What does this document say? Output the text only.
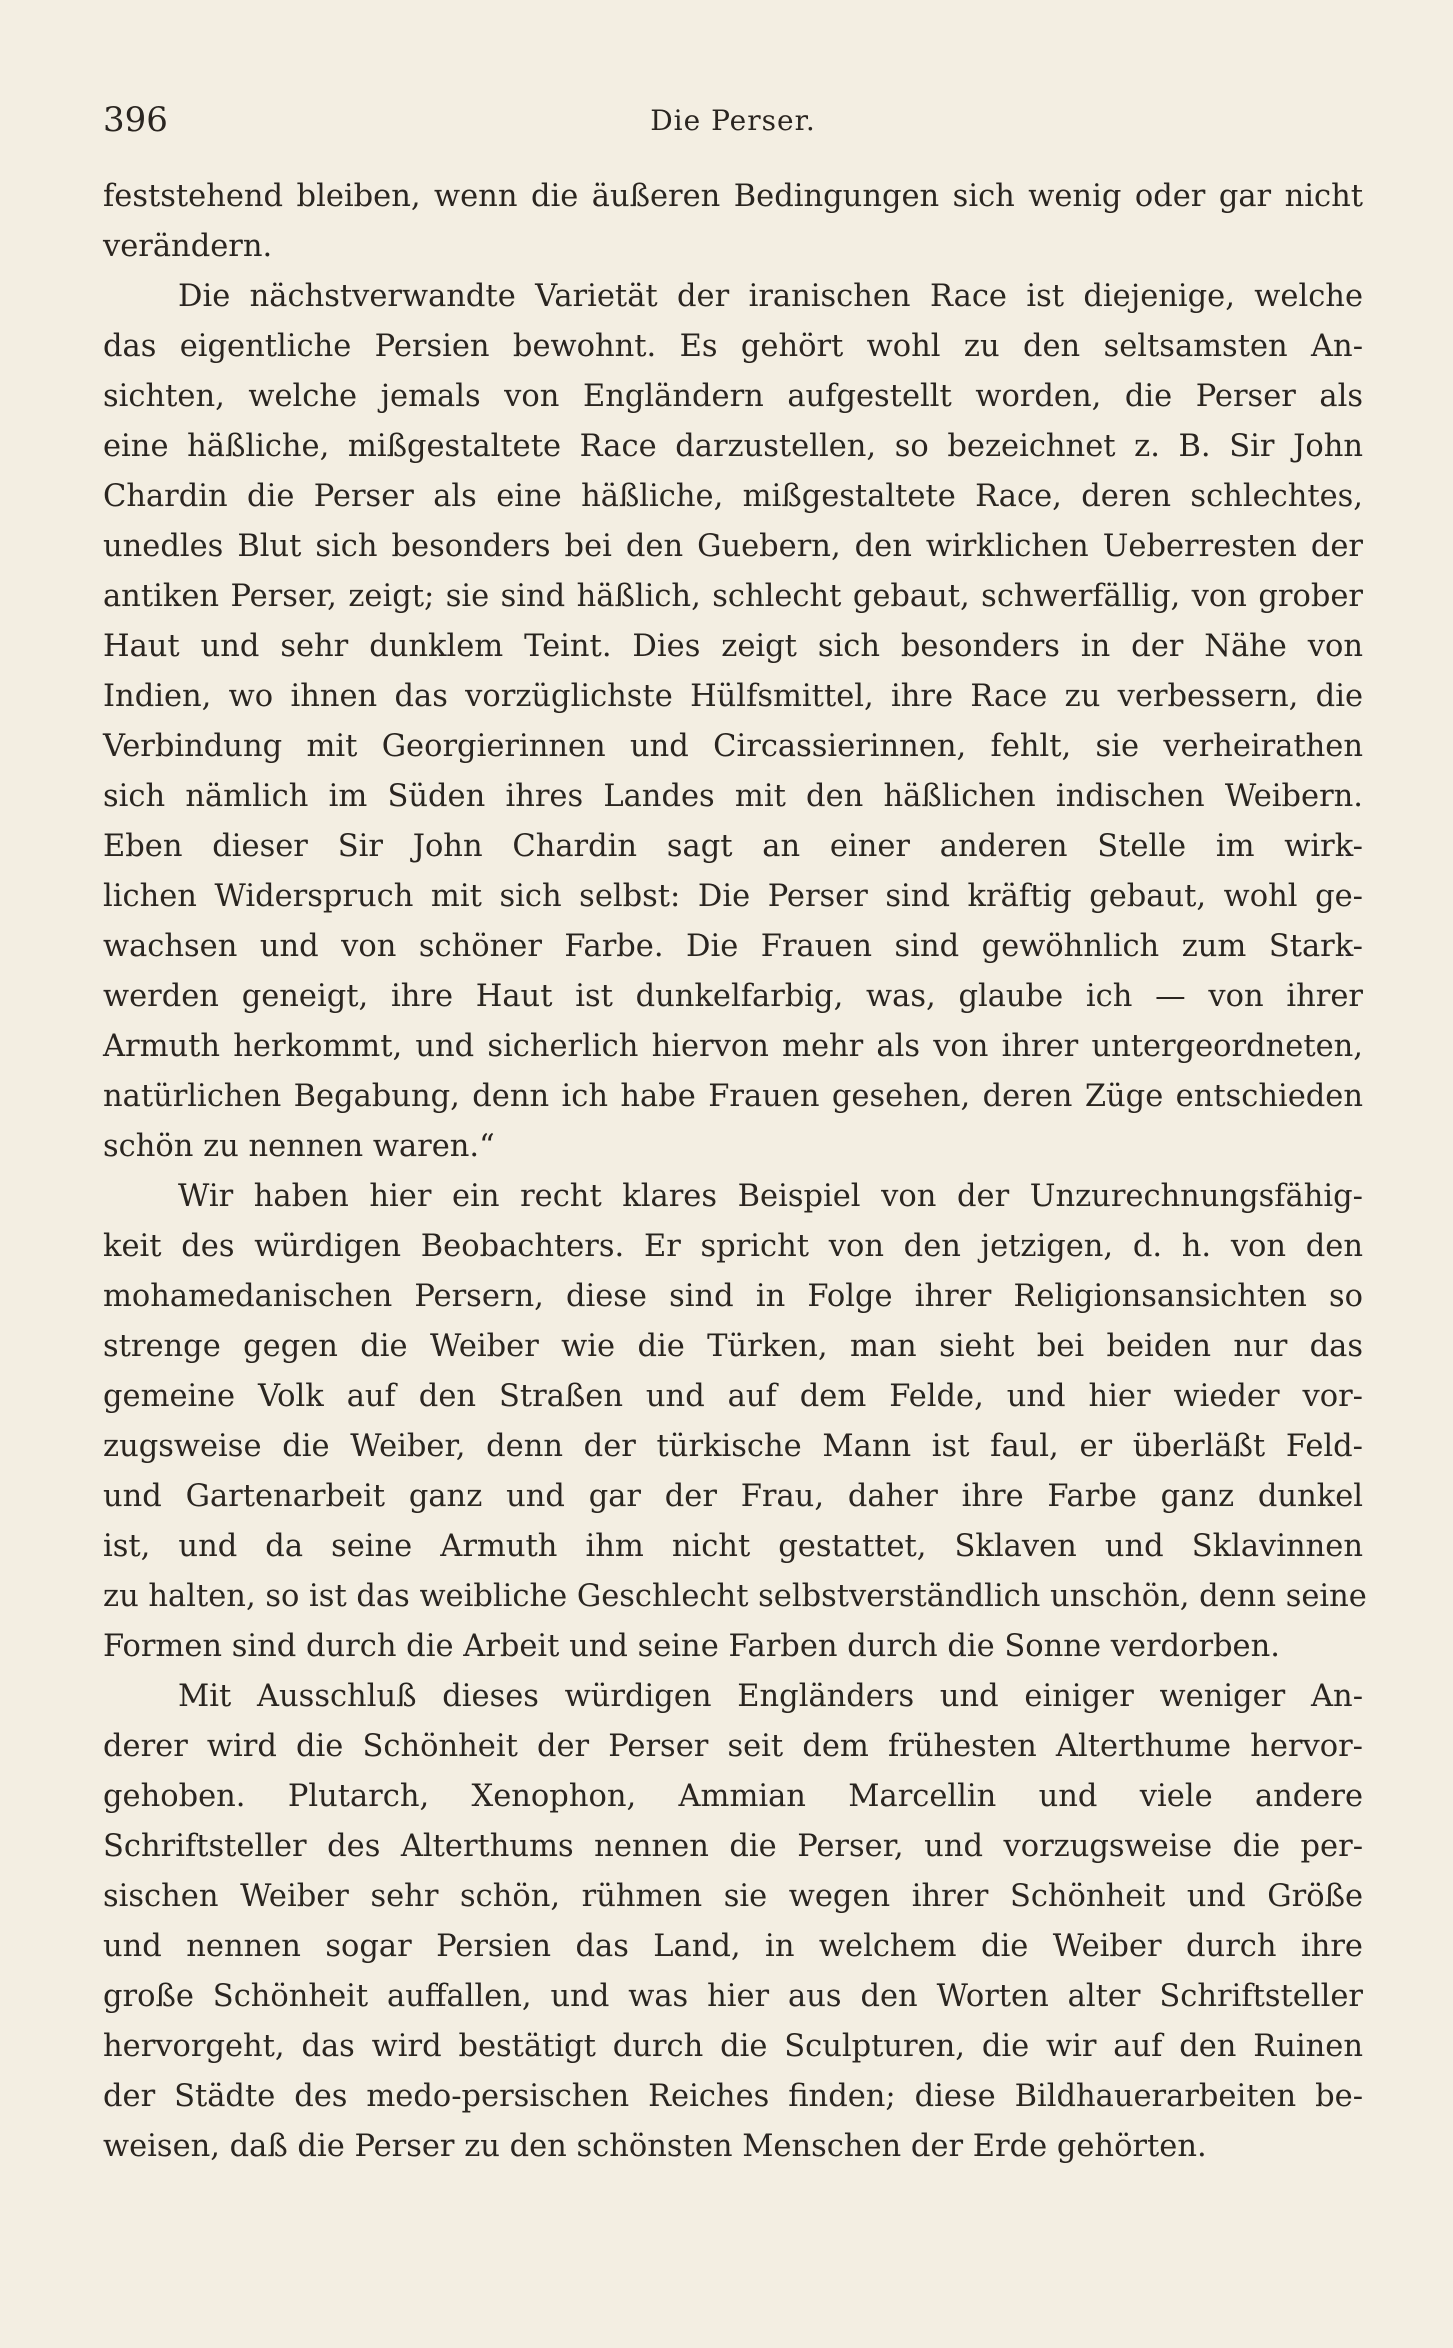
396	Die Perser.
feststehend bleiben, wenn die äußeren Bedingungen sich wenig oder gar nicht
verändern.
Die nächstverwandte Varietät der iranischen Race ist diejenige, welche
das eigentliche Persien bewohnt. Es gehört wohl zu den seltsamsten An-
sichten, welche jemals von Engländern aufgestellt worden, die Perser als
eine häßliche, mißgestaltete Race darzustellen, so bezeichnet z. B. Sir John
Chardin die Perser als eine häßliche, mißgestaltete Race, deren schlechtes,
unedles Blut sich besonders bei den Guebern, den wirklichen Ueberresten der
antiken Perser, zeigt; sie sind häßlich, schlecht gebaut, schwerfällig, von grober
Haut und sehr dunklem Teint. Dies zeigt sich besonders in der Nähe von
Indien, wo ihnen das vorzüglichste Hülfsmittel, ihre Race zu verbessern, die
Verbindung mit Georgierinnen und Circassierinnen, fehlt, sie verheirathen
sich nämlich im Süden ihres Landes mit den häßlichen indischen Weibern.
Eben dieser Sir John Chardin sagt an einer anderen Stelle im wirk-
lichen Widerspruch mit sich selbst: Die Perser sind kräftig gebaut, wohl ge-
wachsen und von schöner Farbe. Die Frauen sind gewöhnlich zum Stark-
werden geneigt, ihre Haut ist dunkelfarbig, was, glaube ich — von ihrer
Armuth herkommt, und sicherlich hiervon mehr als von ihrer untergeordneten,
natürlichen Begabung, denn ich habe Frauen gesehen, deren Züge entschieden
schön zu nennen waren.“
Wir haben hier ein recht klares Beispiel von der Unzurechnungsfähig-
keit des würdigen Beobachters. Er spricht von den jetzigen, d. h. von den
mohamedanischen Persern, diese sind in Folge ihrer Religionsansichten so
strenge gegen die Weiber wie die Türken, man sieht bei beiden nur das
gemeine Volk auf den Straßen und auf dem Felde, und hier wieder vor-
zugsweise die Weiber, denn der türkische Mann ist faul, er überläßt Feld-
und Gartenarbeit ganz und gar der Frau, daher ihre Farbe ganz dunkel
ist, und da seine Armuth ihm nicht gestattet, Sklaven und Sklavinnen
zu halten, so ist das weibliche Geschlecht selbstverständlich unschön, denn seine
Formen sind durch die Arbeit und seine Farben durch die Sonne verdorben.
Mit Ausschluß dieses würdigen Engländers und einiger weniger An-
derer wird die Schönheit der Perser seit dem frühesten Alterthume hervor-
gehoben. Plutarch, Xenophon, Ammian Marcellin und viele andere
Schriftsteller des Alterthums nennen die Perser, und vorzugsweise die per-
sischen Weiber sehr schön, rühmen sie wegen ihrer Schönheit und Größe
und nennen sogar Persien das Land, in welchem die Weiber durch ihre
große Schönheit auffallen, und was hier aus den Worten alter Schriftsteller
hervorgeht, das wird bestätigt durch die Sculpturen, die wir auf den Ruinen
der Städte des medo-persischen Reiches finden; diese Bildhauerarbeiten be-
weisen, daß die Perser zu den schönsten Menschen der Erde gehörten.
